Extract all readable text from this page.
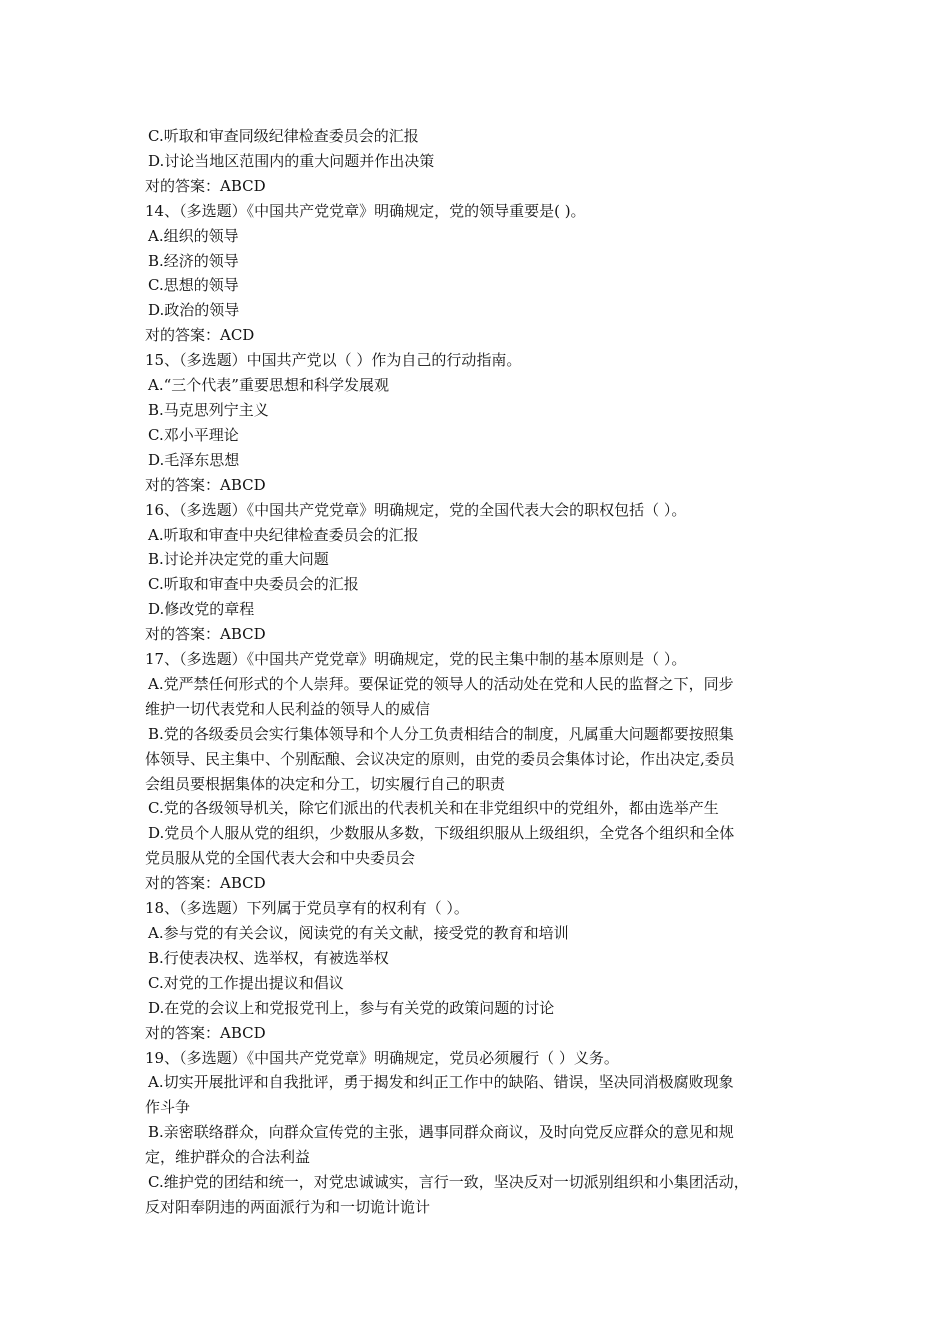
C.听取和审查同级纪律检查委员会的汇报
D.讨论当地区范围内的重大问题并作出决策
对的答案：ABCD
14、（多选题）《中国共产党党章》明确规定，党的领导重要是( )。
A.组织的领导
B.经济的领导
C.思想的领导
D.政治的领导
对的答案：ACD
15、（多选题）中国共产党以（ ）作为自己的行动指南。
A.“三个代表”重要思想和科学发展观
B.马克思列宁主义
C.邓小平理论
D.毛泽东思想
对的答案：ABCD
16、（多选题）《中国共产党党章》明确规定，党的全国代表大会的职权包括（ ）。
A.听取和审查中央纪律检查委员会的汇报
B.讨论并决定党的重大问题
C.听取和审查中央委员会的汇报
D.修改党的章程
对的答案：ABCD
17、（多选题）《中国共产党党章》明确规定，党的民主集中制的基本原则是（ ）。
A.党严禁任何形式的个人崇拜。要保证党的领导人的活动处在党和人民的监督之下，同步
维护一切代表党和人民利益的领导人的威信
B.党的各级委员会实行集体领导和个人分工负责相结合的制度，凡属重大问题都要按照集
体领导、民主集中、个别酝酿、会议决定的原则，由党的委员会集体讨论，作出决定,委员
会组员要根据集体的决定和分工，切实履行自己的职责
C.党的各级领导机关，除它们派出的代表机关和在非党组织中的党组外，都由选举产生
D.党员个人服从党的组织，少数服从多数，下级组织服从上级组织，全党各个组织和全体
党员服从党的全国代表大会和中央委员会
对的答案：ABCD
18、（多选题）下列属于党员享有的权利有（ ）。
A.参与党的有关会议，阅读党的有关文献，接受党的教育和培训
B.行使表决权、选举权，有被选举权
C.对党的工作提出提议和倡议
D.在党的会议上和党报党刊上，参与有关党的政策问题的讨论
对的答案：ABCD
19、（多选题）《中国共产党党章》明确规定，党员必须履行（ ）义务。
A.切实开展批评和自我批评，勇于揭发和纠正工作中的缺陷、错误，坚决同消极腐败现象
作斗争
B.亲密联络群众，向群众宣传党的主张，遇事同群众商议，及时向党反应群众的意见和规
定，维护群众的合法利益
C.维护党的团结和统一，对党忠诚诚实，言行一致，坚决反对一切派别组织和小集团活动，
反对阳奉阴违的两面派行为和一切诡计诡计
